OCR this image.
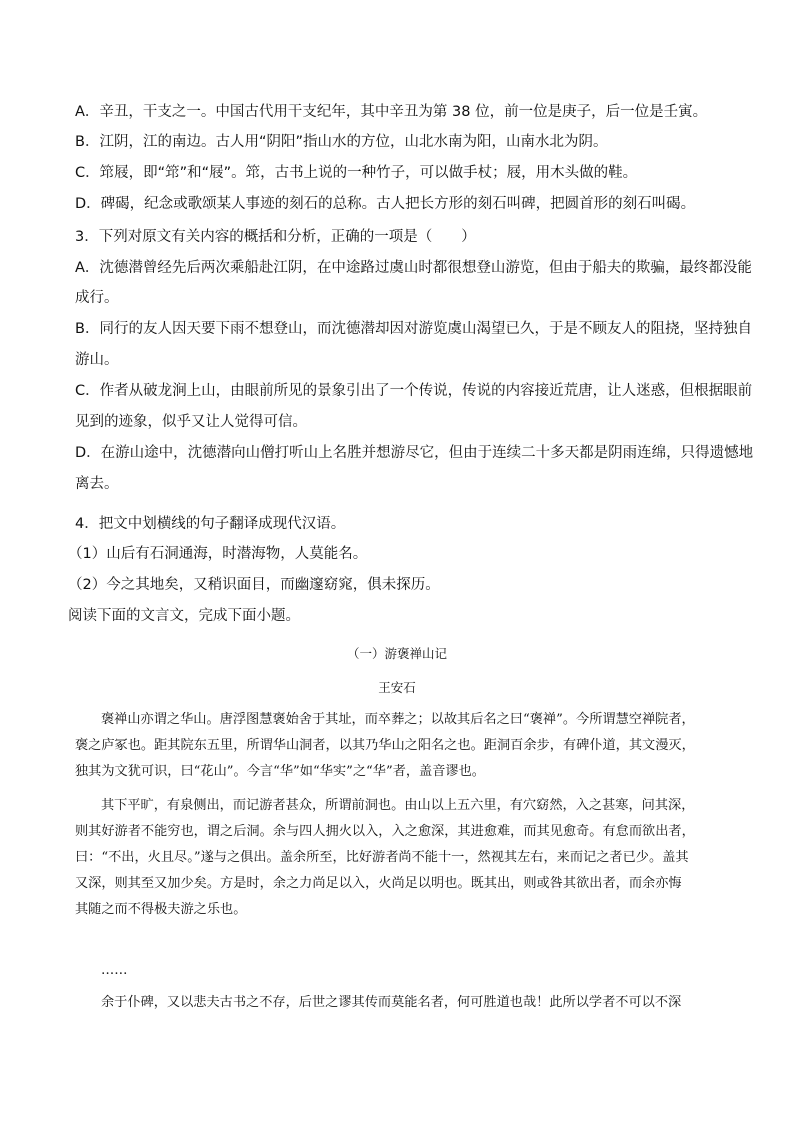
A．辛丑，干支之一。中国古代用干支纪年，其中辛丑为第 38 位，前一位是庚子，后一位是壬寅。
B．江阴，江的南边。古人用“阴阳”指山水的方位，山北水南为阳，山南水北为阴。
C．筇屐，即“筇”和“屐”。筇，古书上说的一种竹子，可以做手杖；屐，用木头做的鞋。
D．碑碣，纪念或歌颂某人事迹的刻石的总称。古人把长方形的刻石叫碑，把圆首形的刻石叫碣。
3．下列对原文有关内容的概括和分析，正确的一项是（　　）
A．沈德潜曾经先后两次乘船赴江阴，在中途路过虞山时都很想登山游览，但由于船夫的欺骗，最终都没能
成行。
B．同行的友人因天要下雨不想登山，而沈德潜却因对游览虞山渴望已久，于是不顾友人的阻挠，坚持独自
游山。
C．作者从破龙涧上山，由眼前所见的景象引出了一个传说，传说的内容接近荒唐，让人迷惑，但根据眼前
见到的迹象，似乎又让人觉得可信。
D．在游山途中，沈德潜向山僧打听山上名胜并想游尽它，但由于连续二十多天都是阴雨连绵，只得遗憾地
离去。
4．把文中划横线的句子翻译成现代汉语。
（1）山后有石洞通海，时潜海物，人莫能名。
（2）今之其地矣，又稍识面目，而幽邃窈窕，俱未探历。
阅读下面的文言文，完成下面小题。
（一）游褒禅山记
王安石
褒禅山亦谓之华山。唐浮图慧褒始舍于其址，而卒葬之；以故其后名之曰“褒禅”。今所谓慧空禅院者，
褒之庐冢也。距其院东五里，所谓华山洞者，以其乃华山之阳名之也。距洞百余步，有碑仆道，其文漫灭，
独其为文犹可识，曰“花山”。今言“华”如“华实”之“华”者，盖音谬也。
其下平旷，有泉侧出，而记游者甚众，所谓前洞也。由山以上五六里，有穴窈然，入之甚寒，问其深，
则其好游者不能穷也，谓之后洞。余与四人拥火以入，入之愈深，其进愈难，而其见愈奇。有怠而欲出者，
曰：“不出，火且尽。”遂与之俱出。盖余所至，比好游者尚不能十一，然视其左右，来而记之者已少。盖其
又深，则其至又加少矣。方是时，余之力尚足以入，火尚足以明也。既其出，则或咎其欲出者，而余亦悔
其随之而不得极夫游之乐也。
……
余于仆碑，又以悲夫古书之不存，后世之谬其传而莫能名者，何可胜道也哉！此所以学者不可以不深
